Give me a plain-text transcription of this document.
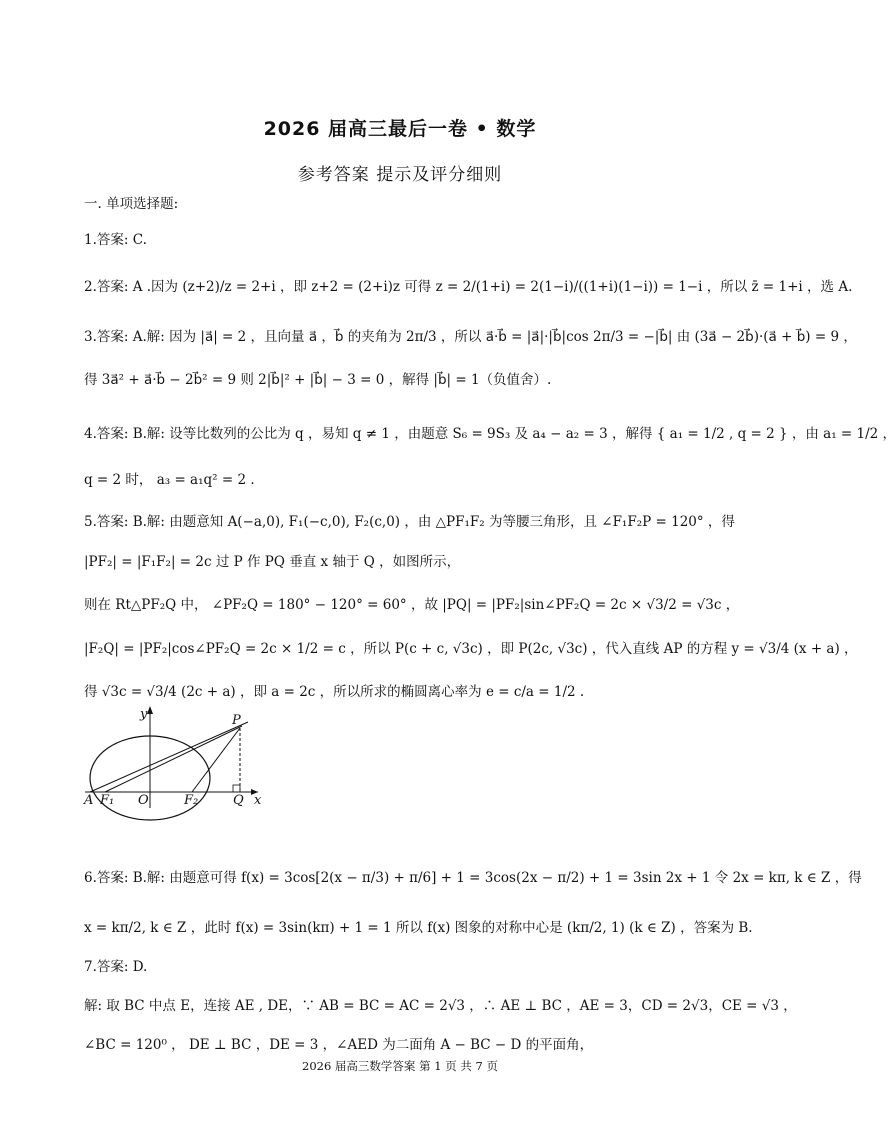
2026 届高三最后一卷 • 数学
参考答案 提示及评分细则
一. 单项选择题:
1.答案: C.
2.答案: A .因为 (z+2)/z = 2+i ，即 z+2 = (2+i)z 可得 z = 2/(1+i) = 2(1−i)/((1+i)(1−i)) = 1−i ，所以 z̄ = 1+i ，选 A.
3.答案: A.解: 因为 |a⃗| = 2 ，且向量 a⃗ ，b⃗ 的夹角为 2π/3 ，所以 a⃗·b⃗ = |a⃗|·|b⃗|cos 2π/3 = −|b⃗| 由 (3a⃗ − 2b⃗)·(a⃗ + b⃗) = 9 ，
得 3a⃗² + a⃗·b⃗ − 2b⃗² = 9 则 2|b⃗|² + |b⃗| − 3 = 0 ，解得 |b⃗| = 1（负值舍）.
4.答案: B.解: 设等比数列的公比为 q ，易知 q ≠ 1 ，由题意 S₆ = 9S₃ 及 a₄ − a₂ = 3 ，解得 { a₁ = 1/2 , q = 2 } ，由 a₁ = 1/2 ，
q = 2 时， a₃ = a₁q² = 2 .
5.答案: B.解: 由题意知 A(−a,0), F₁(−c,0), F₂(c,0) ，由 △PF₁F₂ 为等腰三角形，且 ∠F₁F₂P = 120° ，得
|PF₂| = |F₁F₂| = 2c 过 P 作 PQ 垂直 x 轴于 Q ，如图所示，
则在 Rt△PF₂Q 中， ∠PF₂Q = 180° − 120° = 60° ，故 |PQ| = |PF₂|sin∠PF₂Q = 2c × √3/2 = √3c ，
|F₂Q| = |PF₂|cos∠PF₂Q = 2c × 1/2 = c ，所以 P(c + c, √3c) ，即 P(2c, √3c) ，代入直线 AP 的方程 y = √3/4 (x + a) ，
得 √3c = √3/4 (2c + a) ，即 a = 2c ，所以所求的椭圆离心率为 e = c/a = 1/2 .
y	P
A F₁ O	F₂	Q x
6.答案: B.解: 由题意可得 f(x) = 3cos[2(x − π/3) + π/6] + 1 = 3cos(2x − π/2) + 1 = 3sin 2x + 1 令 2x = kπ, k ∈ Z ，得
x = kπ/2, k ∈ Z ，此时 f(x) = 3sin(kπ) + 1 = 1 所以 f(x) 图象的对称中心是 (kπ/2, 1) (k ∈ Z) ，答案为 B.
7.答案: D.
解: 取 BC 中点 E，连接 AE , DE，∵ AB = BC = AC = 2√3 ，∴ AE ⊥ BC ，AE = 3，CD = 2√3，CE = √3 ，
∠BC = 120⁰ ， DE ⊥ BC ，DE = 3 ，∠AED 为二面角 A − BC − D 的平面角，
2026 届高三数学答案 第 1 页 共 7 页
